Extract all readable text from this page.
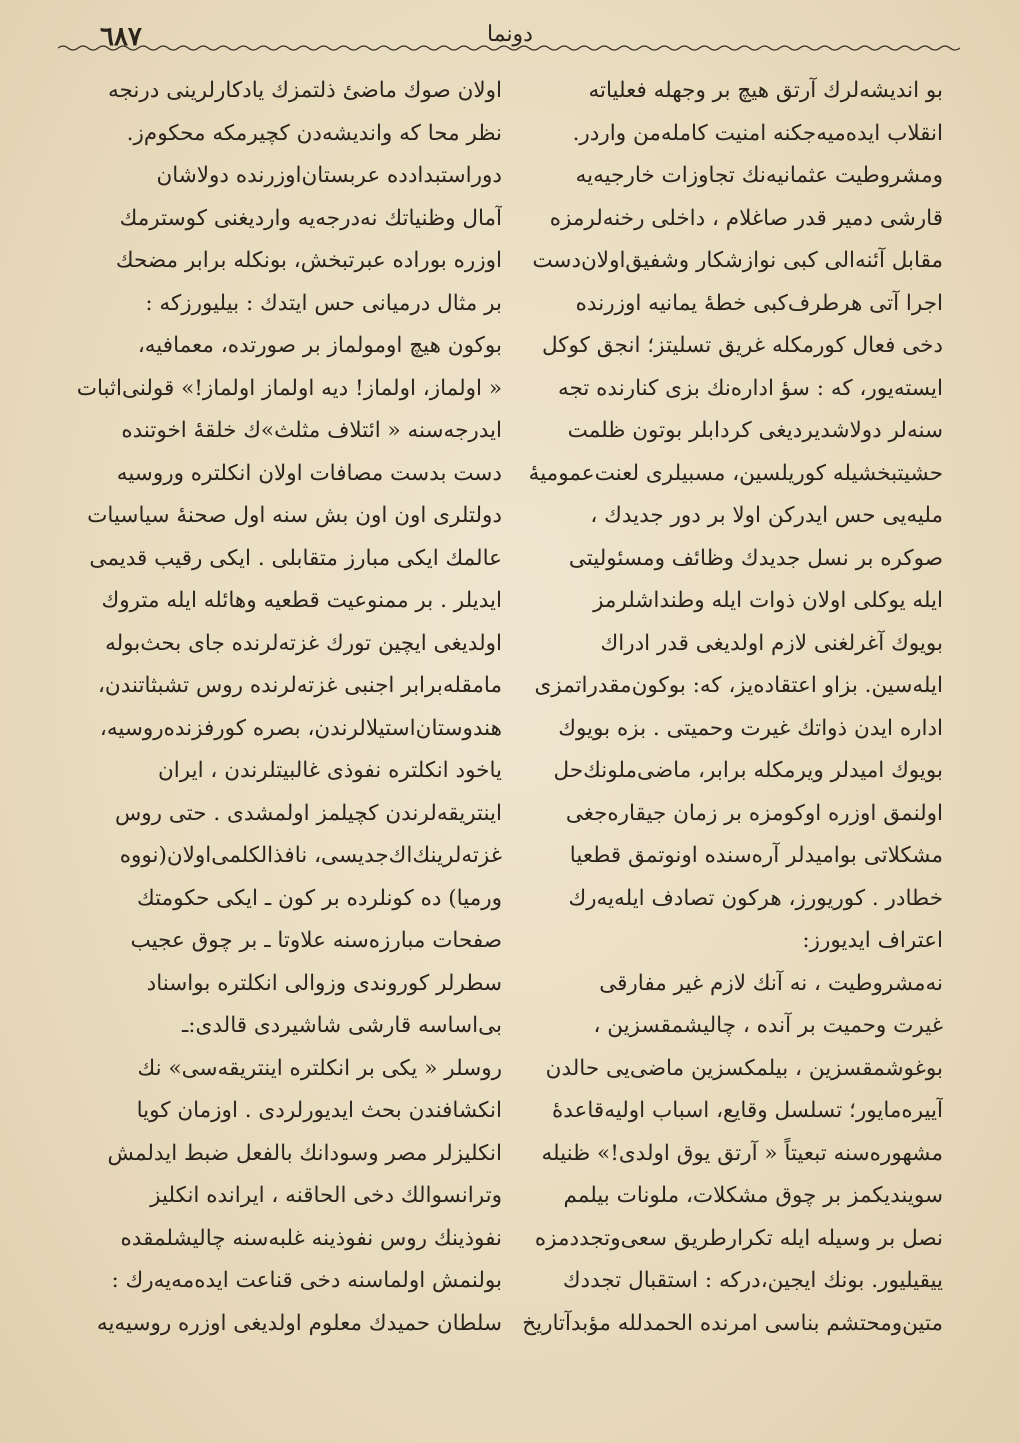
٦٨٧	دونما
بو اندیشه‌لرك آرتق هیچ بر وجهله فعلیاته
انقلاب ایده‌میه‌جکنه امنیت کامله‌من واردر.
ومشروطیت عثمانیه‌نك تجاوزات خارجیه‌یه
قارشی دمیر قدر صاغلام ، داخلی رخنه‌لرمزه
مقابل آئنه‌الی کبی نوازشکار وشفیق‌اولان‌دست
اجرا آتی هرطرف‌کبی خطهٔ یمانیه اوزرنده
دخی فعال کورمکله غریق تسلیتز؛ انجق کوکل
ایسته‌یور، که : سؤ اداره‌نك بزی کنارنده تجه
سنه‌لر دولاشدیردیغی کردابلر بوتون ظلمت
حشیتبخشیله کوریلسین، مسبیلری لعنت‌عمومیهٔ
ملیه‌یی حس ایدرکن اولا بر دور جدیدك ،
صوکره بر نسل جدیدك وظائف ومسئولیتی
ایله یوکلی اولان ذوات ایله وطنداشلرمز
بویوك آغرلغنی لازم اولدیغی قدر ادراك
ایله‌سین. بزاو اعتقاده‌یز، که: بوکون‌مقدراتمزی
اداره ایدن ذواتك غیرت وحمیتی . بزه بویوك
بویوك امیدلر ویرمکله برابر، ماضی‌ملونك‌حل
اولنمق اوزره اوکومزه بر زمان جیقاره‌جغی
مشکلاتی بوامیدلر آره‌سنده اونوتمق قطعیا
خطادر . کوریورز، هرکون تصادف ایله‌یه‌رك
اعتراف ایدیورز:
نه‌مشروطیت ، نه آنك لازم غیر مفارقی
غیرت وحمیت بر آنده ، چالیشمقسزین ،
بوغوشمقسزین ، بیلمکسزین ماضی‌یی حالدن
آییره‌مایور؛ تسلسل وقایع، اسباب اولیه‌قاعدهٔ
مشهوره‌سنه تبعیتاً « آرتق یوق اولدی!» ظنیله
سویندیکمز بر چوق مشکلات، ملونات بیلمم
نصل بر وسیله ایله تکرارطریق سعی‌وتجددمزه
ییقیلیور. بونك ایجین،درکه : استقبال تجددك
متین‌ومحتشم بناسی امرنده الحمدلله مؤبدآتاریخ
اولان صوك ماضیٔ ذلتمزك یادکارلرینی درنجه
نظر محا که واندیشه‌دن کچیرمکه محکوم‌ز.
دوراستبدادده عربستان‌اوزرنده دولاشان
آمال وظنیاتك نه‌درجه‌یه واردیغنی کوسترمك
اوزره بوراده عبرتبخش، بونکله برابر مضحك
بر مثال درمیانی حس ایتدك : بیلیورزکه :
بوکون هیچ اومولماز بر صورتده، معمافیه،
« اولماز، اولماز! دیه اولماز اولماز!» قولنی‌اثبات
ایدرجه‌سنه « ائتلاف مثلث»ك خلقهٔ اخوتنده
دست بدست مصافات اولان انکلتره وروسیه
دولتلری اون اون بش سنه اول صحنهٔ سیاسیات
عالمك ایکی مبارز متقابلی . ایکی رقیب قدیمی
ایدیلر . بر ممنوعیت قطعیه وهائله ایله متروك
اولدیغی ایچین تورك غزته‌لرنده جای بحث‌بوله‌
مامقله‌برابر اجنبی غزته‌لرنده روس تشبثاتندن،
هندوستان‌استیلالرندن، بصره کورفزنده‌روسیه،
یاخود انکلتره نفوذی غالبیتلرندن ، ایران
اینتریقه‌لرندن کچیلمز اولمشدی . حتی روس
غزته‌لرینك‌اك‌جدیسی، نافذالکلمی‌اولان(نووه‌
ورمیا) ده کونلرده بر کون ـ ایکی حکومتك
صفحات مبارزه‌سنه علاوتا ـ بر چوق عجیب
سطرلر کوروندی وزوالی انکلتره بواسناد
بی‌اساسه قارشی شاشیردی قالدی:ـ
روسلر « یکی بر انکلتره اینتریقه‌سی» نك
انکشافندن بحث ایدیورلردی . اوزمان کویا
انکلیزلر مصر وسودانك بالفعل ضبط ایدلمش
وترانسوالك دخی الحاقنه ، ایرانده انکلیز
نفوذینك روس نفوذینه غلبه‌سنه چالیشلمقده
بولنمش اولماسنه دخی قناعت ایده‌مه‌یه‌رك :
سلطان حمیدك معلوم اولدیغی اوزره روسیه‌یه
